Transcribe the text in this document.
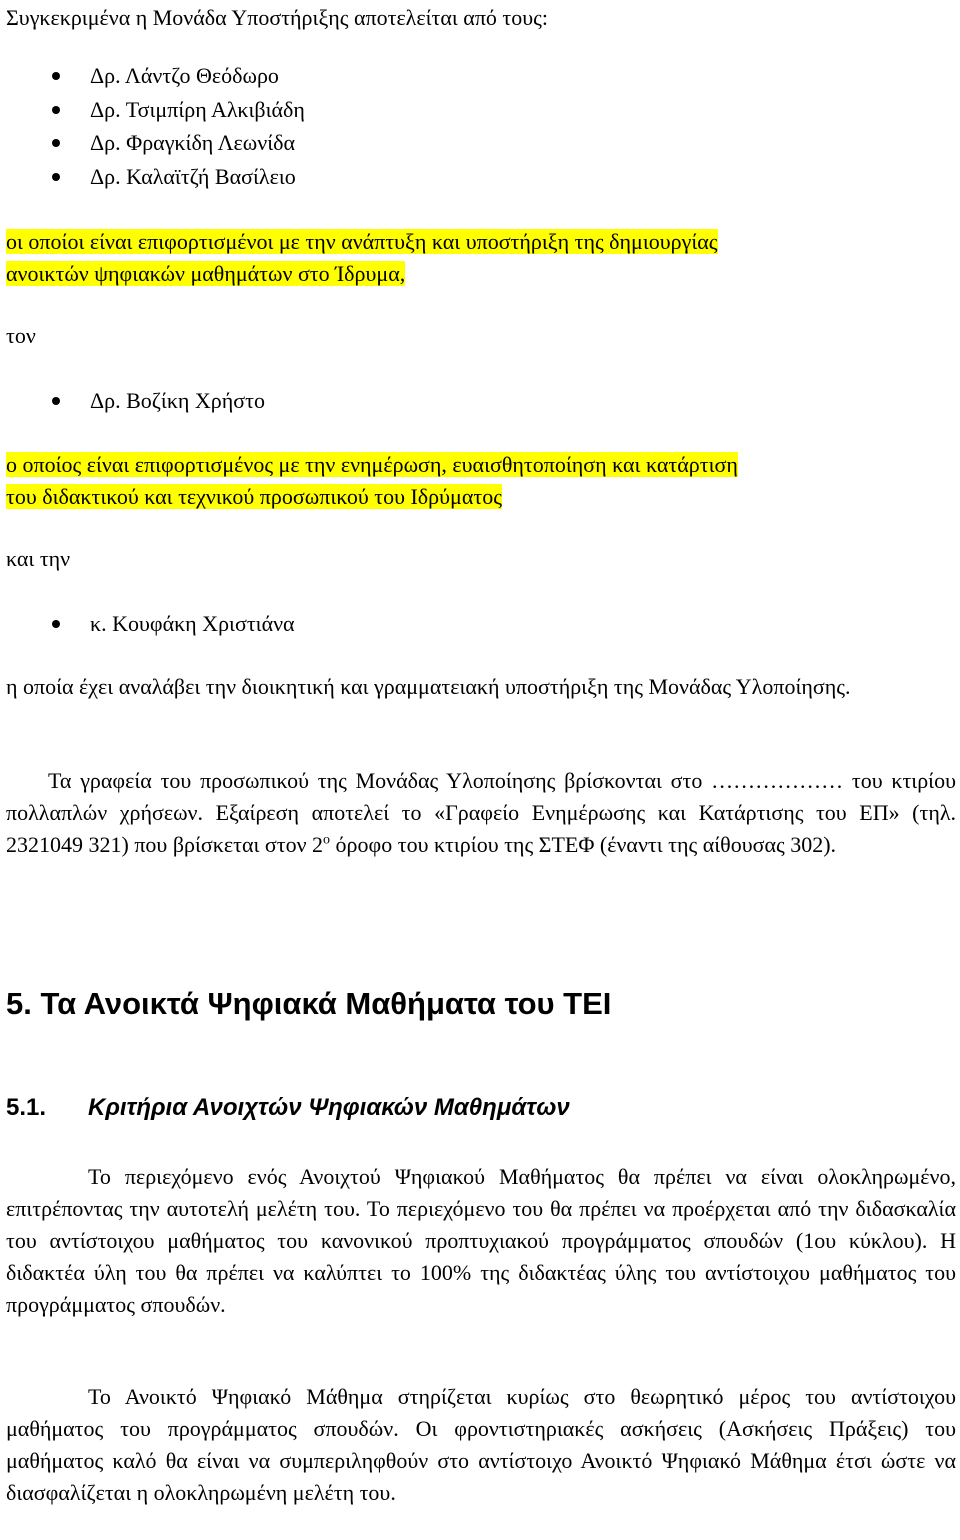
Συγκεκριμένα η Μονάδα Υποστήριξης αποτελείται από τους:

Δρ. Λάντζο Θεόδωρο
Δρ. Τσιμπίρη Αλκιβιάδη
Δρ. Φραγκίδη Λεωνίδα
Δρ. Καλαϊτζή Βασίλειο
οι οποίοι είναι επιφορτισμένοι με την ανάπτυξη και υποστήριξη της δημιουργίας
ανοικτών ψηφιακών μαθημάτων στο Ίδρυμα,

τον

Δρ. Βοζίκη Χρήστο
ο οποίος είναι επιφορτισμένος με την ενημέρωση, ευαισθητοποίηση και κατάρτιση
του διδακτικού και τεχνικού προσωπικού του Ιδρύματος

και την

κ. Κουφάκη Χριστιάνα

η οποία έχει αναλάβει την διοικητική και γραμματειακή υποστήριξη της Μονάδας Υλοποίησης.

Τα γραφεία του προσωπικού της Μονάδας Υλοποίησης βρίσκονται στο ……………… του κτιρίου πολλαπλών χρήσεων. Εξαίρεση αποτελεί το «Γραφείο Ενημέρωσης και Κατάρτισης του ΕΠ» (τηλ. 2321049 321) που βρίσκεται στον $2^o$ όροφο του κτιρίου της ΣΤΕΦ (έναντι της αίθουσας 302).

5. Τα Ανοικτά Ψηφιακά Μαθήματα του ΤΕΙ
5.1. Κριτήρια Ανοιχτών Ψηφιακών Μαθημάτων

Το περιεχόμενο ενός Ανοιχτού Ψηφιακού Μαθήματος θα πρέπει να είναι ολοκληρωμένο, επιτρέποντας την αυτοτελή μελέτη του. Το περιεχόμενο του θα πρέπει να προέρχεται από την διδασκαλία του αντίστοιχου μαθήματος του κανονικού προπτυχιακού προγράμματος σπουδών (1ου κύκλου). Η διδακτέα ύλη του θα πρέπει να καλύπτει το 100% της διδακτέας ύλης του αντίστοιχου μαθήματος του προγράμματος σπουδών.

Το Ανοικτό Ψηφιακό Μάθημα στηρίζεται κυρίως στο θεωρητικό μέρος του αντίστοιχου μαθήματος του προγράμματος σπουδών. Οι φροντιστηριακές ασκήσεις (Ασκήσεις Πράξεις) του μαθήματος καλό θα είναι να συμπεριληφθούν στο αντίστοιχο Ανοικτό Ψηφιακό Μάθημα έτσι ώστε να διασφαλίζεται η ολοκληρωμένη μελέτη του.
